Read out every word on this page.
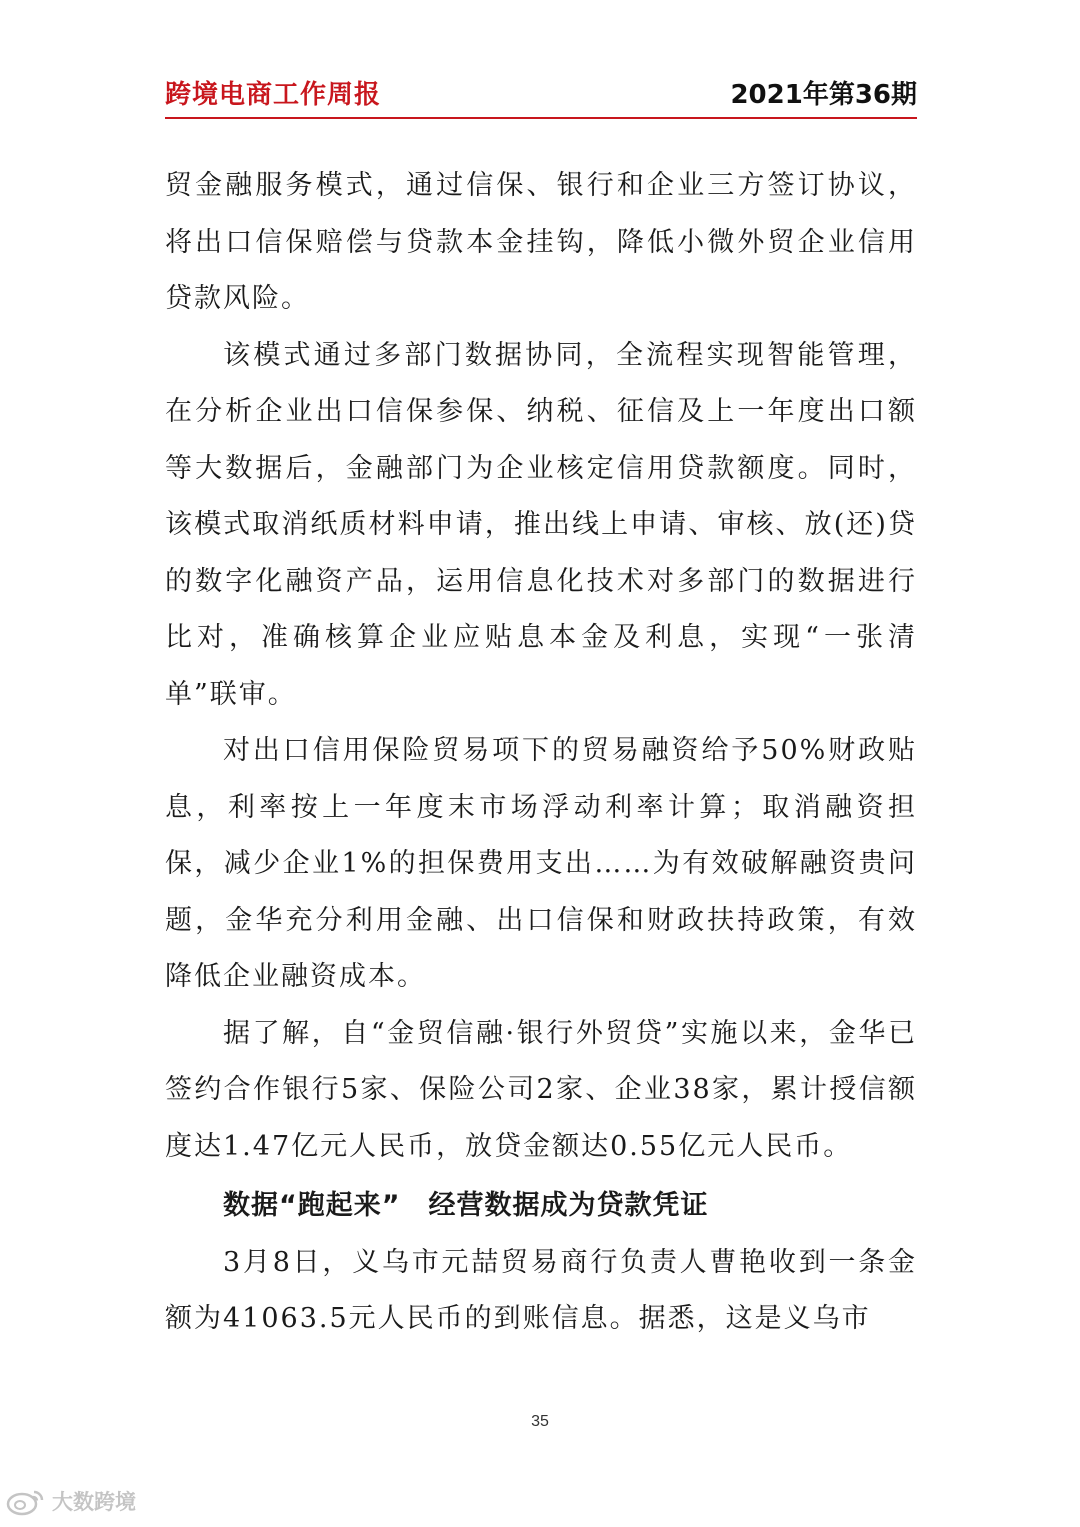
跨境电商工作周报	2021年第36期

贸金融服务模式，通过信保、银行和企业三方签订协议，将出口信保赔偿与贷款本金挂钩，降低小微外贸企业信用贷款风险。

该模式通过多部门数据协同，全流程实现智能管理，在分析企业出口信保参保、纳税、征信及上一年度出口额等大数据后，金融部门为企业核定信用贷款额度。同时，该模式取消纸质材料申请，推出线上申请、审核、放(还)贷的数字化融资产品，运用信息化技术对多部门的数据进行比对，准确核算企业应贴息本金及利息，实现“一张清单”联审。

对出口信用保险贸易项下的贸易融资给予50%财政贴息，利率按上一年度末市场浮动利率计算；取消融资担保，减少企业1%的担保费用支出……为有效破解融资贵问题，金华充分利用金融、出口信保和财政扶持政策，有效降低企业融资成本。

据了解，自“金贸信融·银行外贸贷”实施以来，金华已签约合作银行5家、保险公司2家、企业38家，累计授信额度达1.47亿元人民币，放贷金额达0.55亿元人民币。

数据“跑起来”　经营数据成为贷款凭证

3月8日，义乌市元喆贸易商行负责人曹艳收到一条金额为41063.5元人民币的到账信息。据悉，这是义乌市

35
大数跨境
